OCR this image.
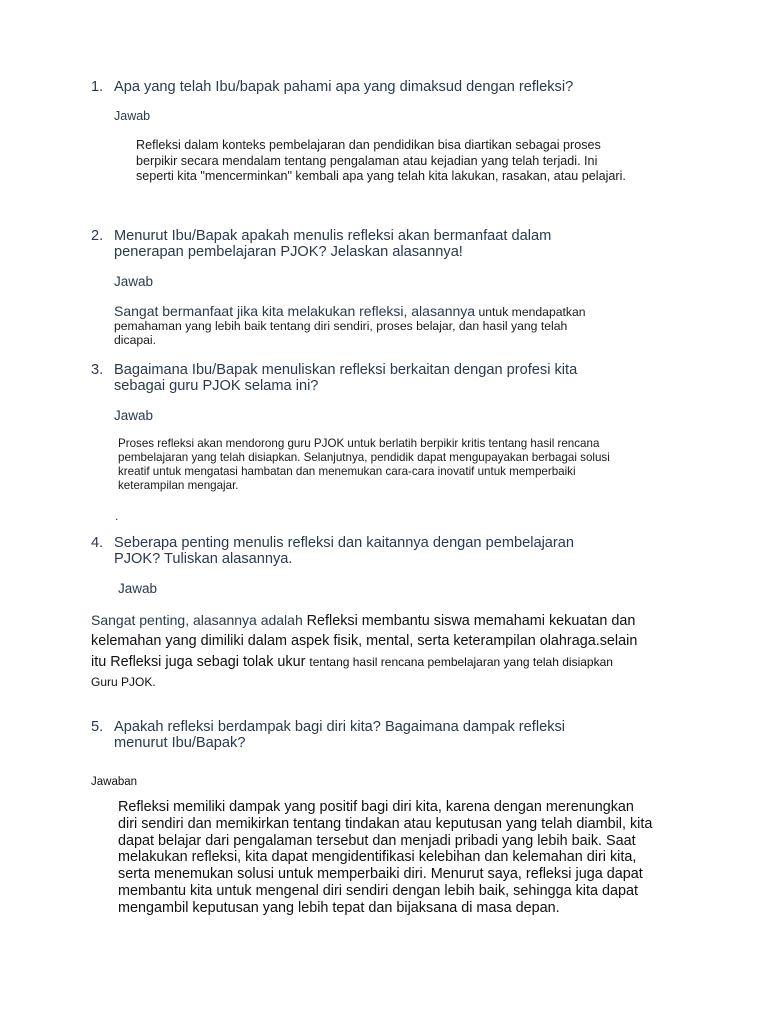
1. Apa yang telah Ibu/bapak pahami apa yang dimaksud dengan refleksi?
Jawab
Refleksi dalam konteks pembelajaran dan pendidikan bisa diartikan sebagai proses
berpikir secara mendalam tentang pengalaman atau kejadian yang telah terjadi. Ini
seperti kita "mencerminkan" kembali apa yang telah kita lakukan, rasakan, atau pelajari.
2. Menurut Ibu/Bapak apakah menulis refleksi akan bermanfaat dalam
penerapan pembelajaran PJOK? Jelaskan alasannya!
Jawab
Sangat bermanfaat jika kita melakukan refleksi, alasannya untuk mendapatkan
pemahaman yang lebih baik tentang diri sendiri, proses belajar, dan hasil yang telah
dicapai.
3. Bagaimana Ibu/Bapak menuliskan refleksi berkaitan dengan profesi kita
sebagai guru PJOK selama ini?
Jawab
Proses refleksi akan mendorong guru PJOK untuk berlatih berpikir kritis tentang hasil rencana
pembelajaran yang telah disiapkan. Selanjutnya, pendidik dapat mengupayakan berbagai solusi
kreatif untuk mengatasi hambatan dan menemukan cara-cara inovatif untuk memperbaiki
keterampilan mengajar.
.
4. Seberapa penting menulis refleksi dan kaitannya dengan pembelajaran
PJOK? Tuliskan alasannya.
Jawab
Sangat penting, alasannya adalah Refleksi membantu siswa memahami kekuatan dan
kelemahan yang dimiliki dalam aspek fisik, mental, serta keterampilan olahraga.selain
itu Refleksi juga sebagi tolak ukur tentang hasil rencana pembelajaran yang telah disiapkan
Guru PJOK.
5. Apakah refleksi berdampak bagi diri kita? Bagaimana dampak refleksi
menurut Ibu/Bapak?
Jawaban
Refleksi memiliki dampak yang positif bagi diri kita, karena dengan merenungkan
diri sendiri dan memikirkan tentang tindakan atau keputusan yang telah diambil, kita
dapat belajar dari pengalaman tersebut dan menjadi pribadi yang lebih baik. Saat
melakukan refleksi, kita dapat mengidentifikasi kelebihan dan kelemahan diri kita,
serta menemukan solusi untuk memperbaiki diri. Menurut saya, refleksi juga dapat
membantu kita untuk mengenal diri sendiri dengan lebih baik, sehingga kita dapat
mengambil keputusan yang lebih tepat dan bijaksana di masa depan.
